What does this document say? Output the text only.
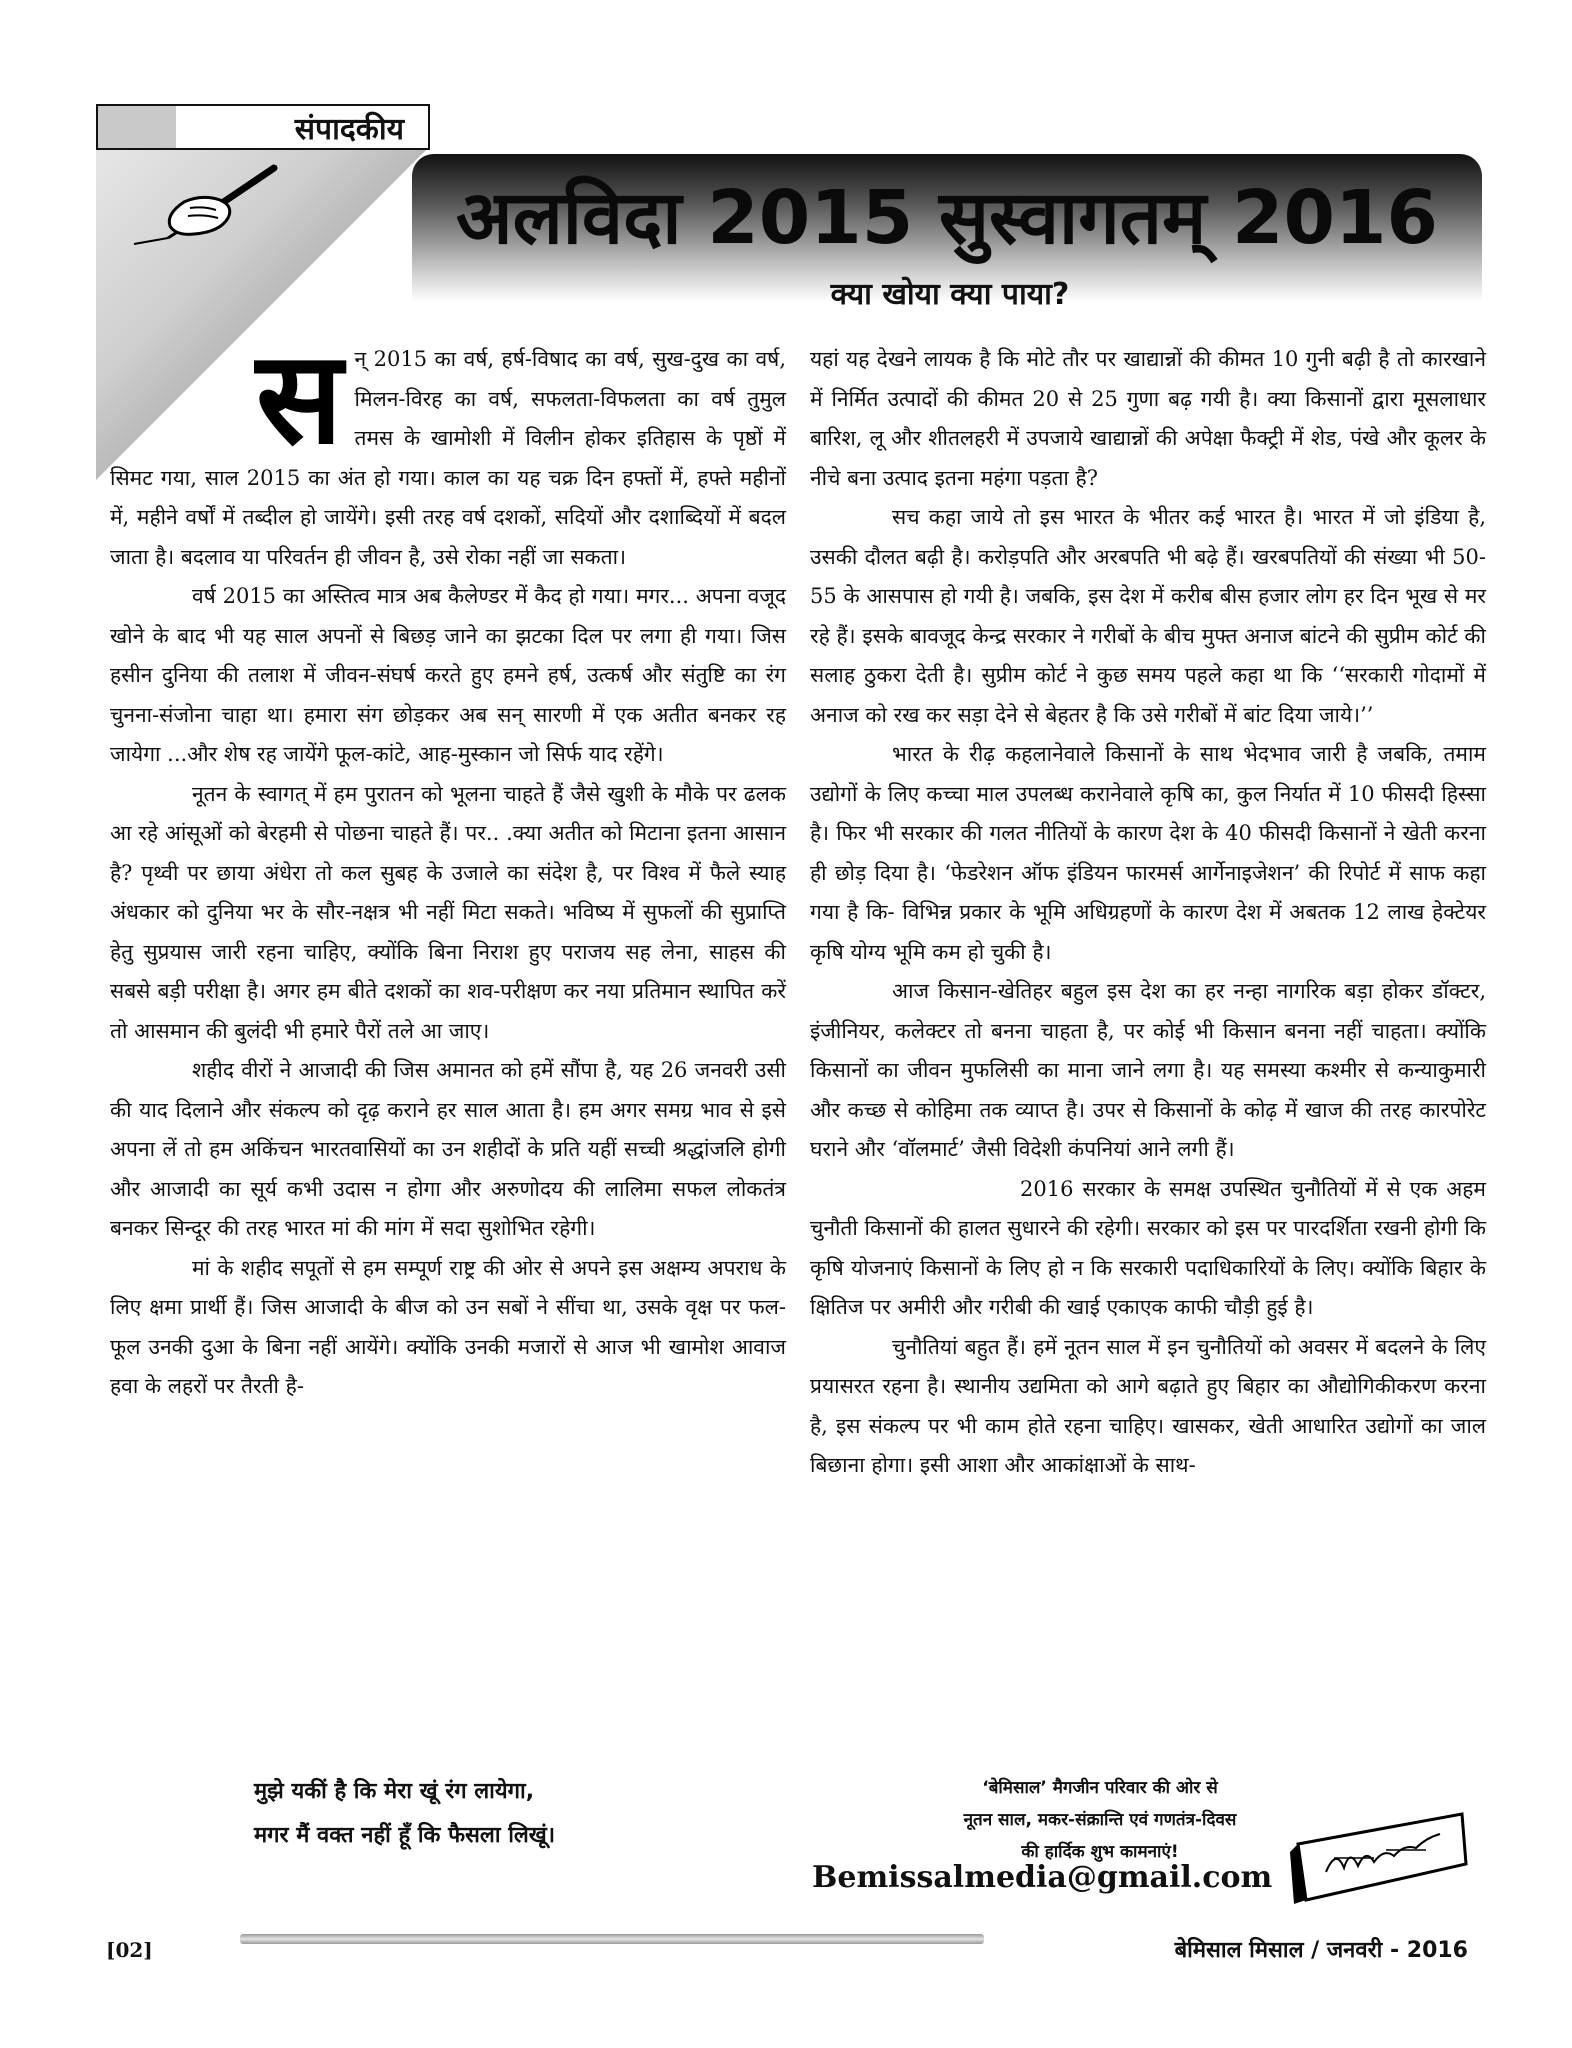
संपादकीय
अलविदा 2015 सुस्वागतम् 2016
क्या खोया क्या पाया?

सन् 2015 का वर्ष, हर्ष-विषाद का वर्ष, सुख-दुख का वर्ष, मिलन-विरह का वर्ष, सफलता-विफलता का वर्ष तुमुल तमस के खामोशी में विलीन होकर इतिहास के पृष्ठों में सिमट गया, साल 2015 का अंत हो गया। काल का यह चक्र दिन हफ्तों में, हफ्ते महीनों में, महीने वर्षों में तब्दील हो जायेंगे। इसी तरह वर्ष दशकों, सदियों और दशाब्दियों में बदल जाता है। बदलाव या परिवर्तन ही जीवन है, उसे रोका नहीं जा सकता।

वर्ष 2015 का अस्तित्व मात्र अब कैलेण्डर में कैद हो गया। मगर... अपना वजूद खोने के बाद भी यह साल अपनों से बिछड़ जाने का झटका दिल पर लगा ही गया। जिस हसीन दुनिया की तलाश में जीवन-संघर्ष करते हुए हमने हर्ष, उत्कर्ष और संतुष्टि का रंग चुनना-संजोना चाहा था। हमारा संग छोड़कर अब सन् सारणी में एक अतीत बनकर रह जायेगा ...और शेष रह जायेंगे फूल-कांटे, आह-मुस्कान जो सिर्फ याद रहेंगे।

नूतन के स्वागत् में हम पुरातन को भूलना चाहते हैं जैसे खुशी के मौके पर ढलक आ रहे आंसूओं को बेरहमी से पोछना चाहते हैं। पर.. .क्या अतीत को मिटाना इतना आसान है? पृथ्वी पर छाया अंधेरा तो कल सुबह के उजाले का संदेश है, पर विश्व में फैले स्याह अंधकार को दुनिया भर के सौर-नक्षत्र भी नहीं मिटा सकते। भविष्य में सुफलों की सुप्राप्ति हेतु सुप्रयास जारी रहना चाहिए, क्योंकि बिना निराश हुए पराजय सह लेना, साहस की सबसे बड़ी परीक्षा है। अगर हम बीते दशकों का शव-परीक्षण कर नया प्रतिमान स्थापित करें तो आसमान की बुलंदी भी हमारे पैरों तले आ जाए।

शहीद वीरों ने आजादी की जिस अमानत को हमें सौंपा है, यह 26 जनवरी उसी की याद दिलाने और संकल्प को दृढ़ कराने हर साल आता है। हम अगर समग्र भाव से इसे अपना लें तो हम अकिंचन भारतवासियों का उन शहीदों के प्रति यहीं सच्ची श्रद्धांजलि होगी और आजादी का सूर्य कभी उदास न होगा और अरुणोदय की लालिमा सफल लोकतंत्र बनकर सिन्दूर की तरह भारत मां की मांग में सदा सुशोभित रहेगी।

मां के शहीद सपूतों से हम सम्पूर्ण राष्ट्र की ओर से अपने इस अक्षम्य अपराध के लिए क्षमा प्रार्थी हैं। जिस आजादी के बीज को उन सबों ने सींचा था, उसके वृक्ष पर फल-फूल उनकी दुआ के बिना नहीं आयेंगे। क्योंकि उनकी मजारों से आज भी खामोश आवाज हवा के लहरों पर तैरती है-

मुझे यकीं है कि मेरा खूं रंग लायेगा,
मगर मैं वक्त नहीं हूँ कि फैसला लिखूं।

यहां यह देखने लायक है कि मोटे तौर पर खाद्यान्नों की कीमत 10 गुनी बढ़ी है तो कारखाने में निर्मित उत्पादों की कीमत 20 से 25 गुणा बढ़ गयी है। क्या किसानों द्वारा मूसलाधार बारिश, लू और शीतलहरी में उपजाये खाद्यान्नों की अपेक्षा फैक्ट्री में शेड, पंखे और कूलर के नीचे बना उत्पाद इतना महंगा पड़ता है?

सच कहा जाये तो इस भारत के भीतर कई भारत है। भारत में जो इंडिया है, उसकी दौलत बढ़ी है। करोड़पति और अरबपति भी बढ़े हैं। खरबपतियों की संख्या भी 50-55 के आसपास हो गयी है। जबकि, इस देश में करीब बीस हजार लोग हर दिन भूख से मर रहे हैं। इसके बावजूद केन्द्र सरकार ने गरीबों के बीच मुफ्त अनाज बांटने की सुप्रीम कोर्ट की सलाह ठुकरा देती है। सुप्रीम कोर्ट ने कुछ समय पहले कहा था कि ‘‘सरकारी गोदामों में अनाज को रख कर सड़ा देने से बेहतर है कि उसे गरीबों में बांट दिया जाये।’’

भारत के रीढ़ कहलानेवाले किसानों के साथ भेदभाव जारी है जबकि, तमाम उद्योगों के लिए कच्चा माल उपलब्ध करानेवाले कृषि का, कुल निर्यात में 10 फीसदी हिस्सा है। फिर भी सरकार की गलत नीतियों के कारण देश के 40 फीसदी किसानों ने खेती करना ही छोड़ दिया है। ‘फेडरेशन ऑफ इंडियन फारमर्स आर्गेनाइजेशन’ की रिपोर्ट में साफ कहा गया है कि- विभिन्न प्रकार के भूमि अधिग्रहणों के कारण देश में अबतक 12 लाख हेक्टेयर कृषि योग्य भूमि कम हो चुकी है।

आज किसान-खेतिहर बहुल इस देश का हर नन्हा नागरिक बड़ा होकर डॉक्टर, इंजीनियर, कलेक्टर तो बनना चाहता है, पर कोई भी किसान बनना नहीं चाहता। क्योंकि किसानों का जीवन मुफलिसी का माना जाने लगा है। यह समस्या कश्मीर से कन्याकुमारी और कच्छ से कोहिमा तक व्याप्त है। उपर से किसानों के कोढ़ में खाज की तरह कारपोरेट घराने और ‘वॉलमार्ट’ जैसी विदेशी कंपनियां आने लगी हैं।

2016 सरकार के समक्ष उपस्थित चुनौतियों में से एक अहम चुनौती किसानों की हालत सुधारने की रहेगी। सरकार को इस पर पारदर्शिता रखनी होगी कि कृषि योजनाएं किसानों के लिए हो न कि सरकारी पदाधिकारियों के लिए। क्योंकि बिहार के क्षितिज पर अमीरी और गरीबी की खाई एकाएक काफी चौड़ी हुई है।

चुनौतियां बहुत हैं। हमें नूतन साल में इन चुनौतियों को अवसर में बदलने के लिए प्रयासरत रहना है। स्थानीय उद्यमिता को आगे बढ़ाते हुए बिहार का औद्योगिकीकरण करना है, इस संकल्प पर भी काम होते रहना चाहिए। खासकर, खेती आधारित उद्योगों का जाल बिछाना होगा। इसी आशा और आकांक्षाओं के साथ-

‘बेमिसाल’ मैगजीन परिवार की ओर से
नूतन साल, मकर-संक्रान्ति एवं गणतंत्र-दिवस
की हार्दिक शुभ कामनाएं!
Bemissalmedia@gmail.com
[02]	बेमिसाल मिसाल / जनवरी - 2016
